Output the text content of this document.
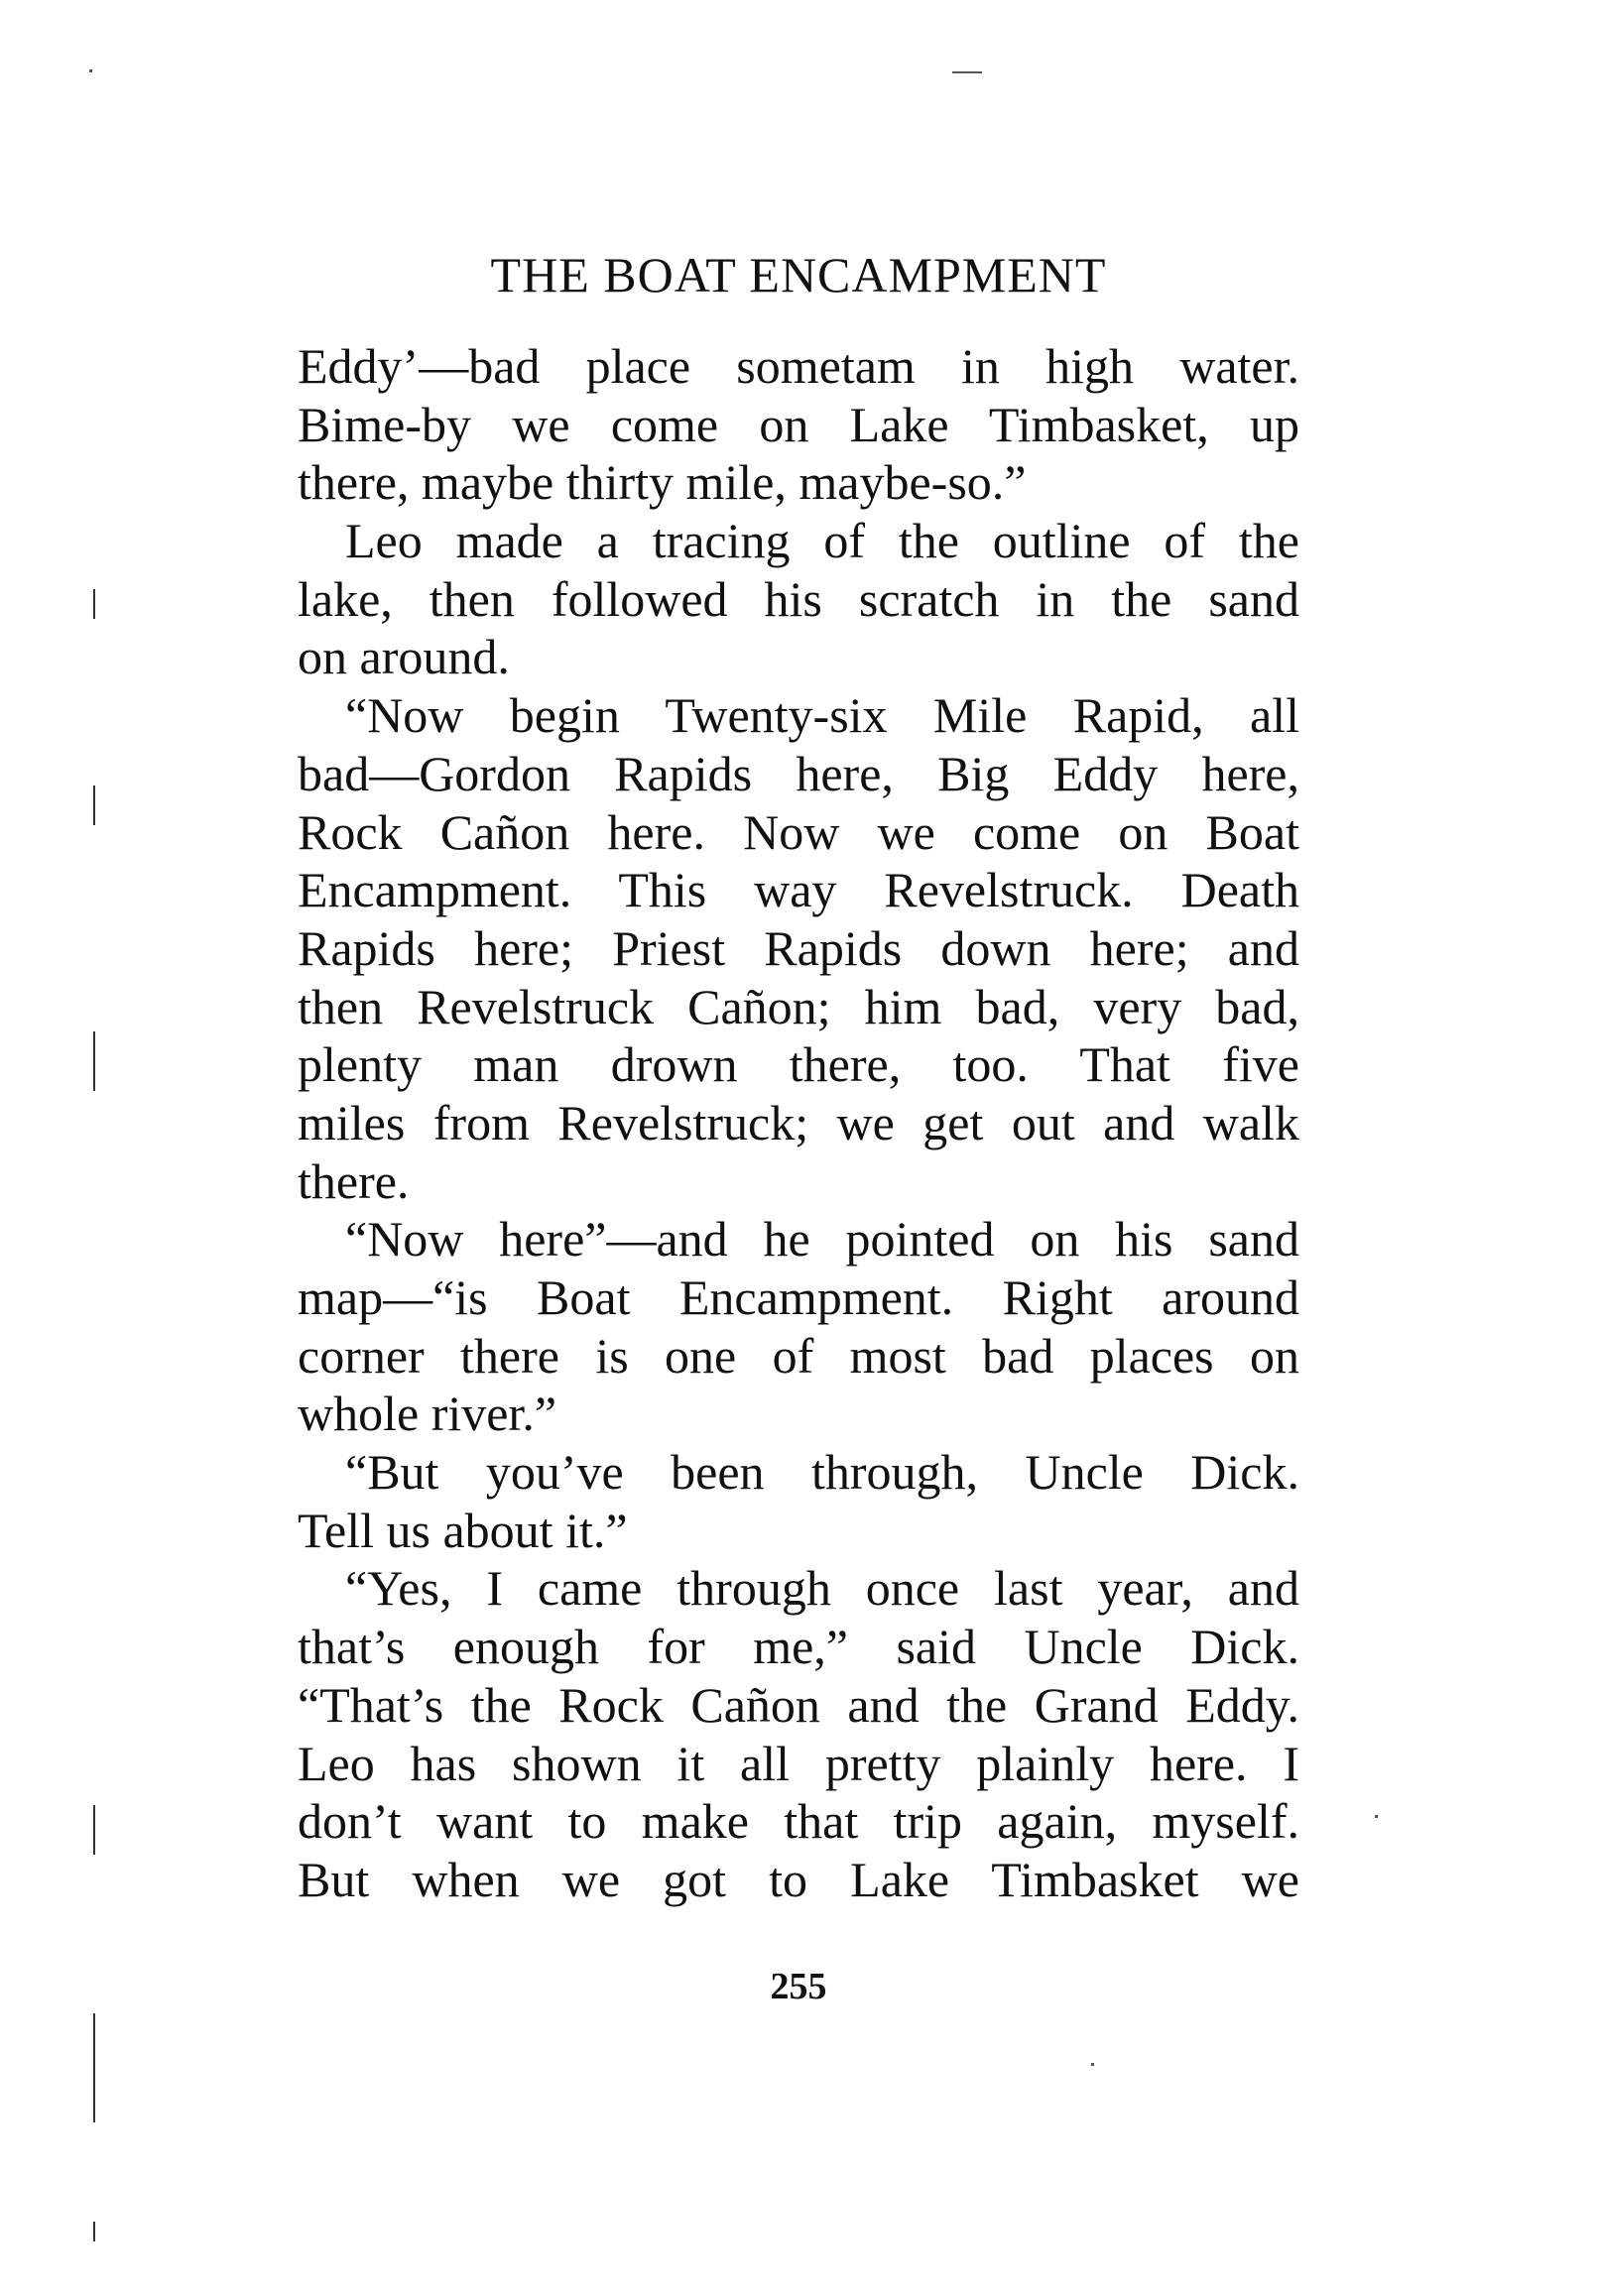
THE BOAT ENCAMPMENT
Eddy’—bad place sometam in high water.
Bime-by we come on Lake Timbasket, up
there, maybe thirty mile, maybe-so.”
Leo made a tracing of the outline of the
lake, then followed his scratch in the sand
on around.
“Now begin Twenty-six Mile Rapid, all
bad—Gordon Rapids here, Big Eddy here,
Rock Cañon here. Now we come on Boat
Encampment. This way Revelstruck. Death
Rapids here; Priest Rapids down here; and
then Revelstruck Cañon; him bad, very bad,
plenty man drown there, too. That five
miles from Revelstruck; we get out and walk
there.
“Now here”—and he pointed on his sand
map—“is Boat Encampment. Right around
corner there is one of most bad places on
whole river.”
“But you’ve been through, Uncle Dick.
Tell us about it.”
“Yes, I came through once last year, and
that’s enough for me,” said Uncle Dick.
“That’s the Rock Cañon and the Grand Eddy.
Leo has shown it all pretty plainly here. I
don’t want to make that trip again, myself.
But when we got to Lake Timbasket we
255
